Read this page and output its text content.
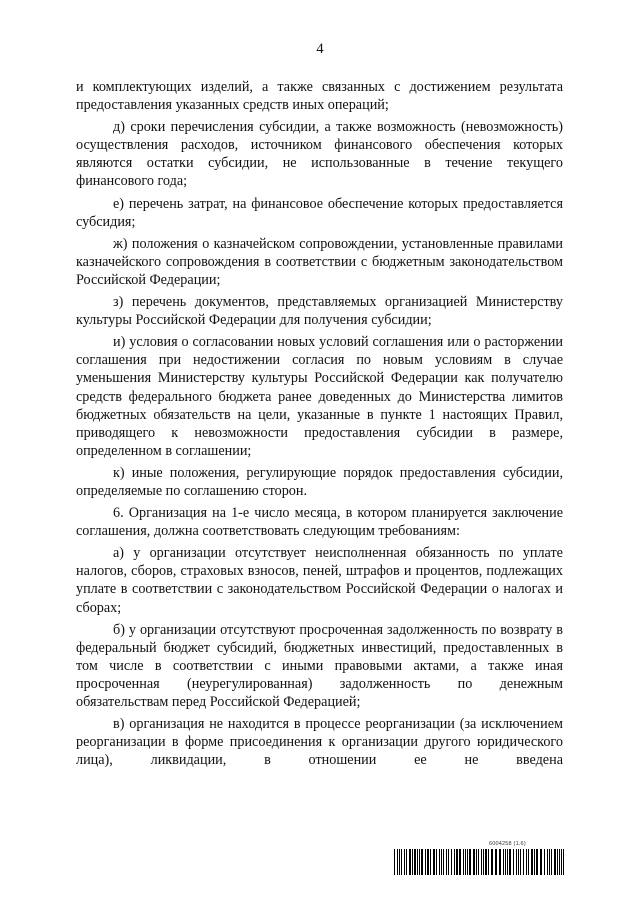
4

и комплектующих изделий, а также связанных с достижением результата предоставления указанных средств иных операций;

д) сроки перечисления субсидии, а также возможность (невозможность) осуществления расходов, источником финансового обеспечения которых являются остатки субсидии, не использованные в течение текущего финансового года;

е) перечень затрат, на финансовое обеспечение которых предоставляется субсидия;

ж) положения о казначейском сопровождении, установленные правилами казначейского сопровождения в соответствии с бюджетным законодательством Российской Федерации;

з) перечень документов, представляемых организацией Министерству культуры Российской Федерации для получения субсидии;

и) условия о согласовании новых условий соглашения или о расторжении соглашения при недостижении согласия по новым условиям в случае уменьшения Министерству культуры Российской Федерации как получателю средств федерального бюджета ранее доведенных до Министерства лимитов бюджетных обязательств на цели, указанные в пункте 1 настоящих Правил, приводящего к невозможности предоставления субсидии в размере, определенном в соглашении;

к) иные положения, регулирующие порядок предоставления субсидии, определяемые по соглашению сторон.

6. Организация на 1-е число месяца, в котором планируется заключение соглашения, должна соответствовать следующим требованиям:

а) у организации отсутствует неисполненная обязанность по уплате налогов, сборов, страховых взносов, пеней, штрафов и процентов, подлежащих уплате в соответствии с законодательством Российской Федерации о налогах и сборах;

б) у организации отсутствуют просроченная задолженность по возврату в федеральный бюджет субсидий, бюджетных инвестиций, предоставленных в том числе в соответствии с иными правовыми актами, а также иная просроченная (неурегулированная) задолженность по денежным обязательствам перед Российской Федерацией;

в) организация не находится в процессе реорганизации (за исключением реорганизации в форме присоединения к организации другого юридического лица), ликвидации, в отношении ее не введена

6004258 (1.6)
